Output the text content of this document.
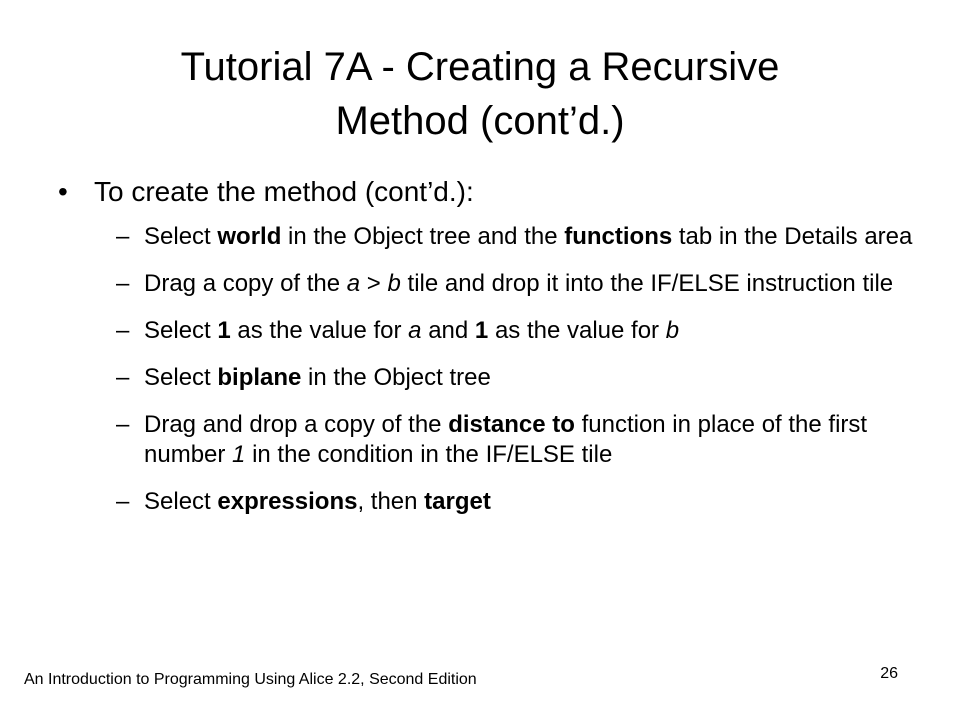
Tutorial 7A - Creating a Recursive
Method (cont’d.)
• To create the method (cont’d.):
– Select world in the Object tree and the functions tab in the Details area
– Drag a copy of the a > b tile and drop it into the IF/ELSE instruction tile
– Select 1 as the value for a and 1 as the value for b
– Select biplane in the Object tree
– Drag and drop a copy of the distance to function in place of the first number 1 in the condition in the IF/ELSE tile
– Select expressions, then target
An Introduction to Programming Using Alice 2.2, Second Edition	26
